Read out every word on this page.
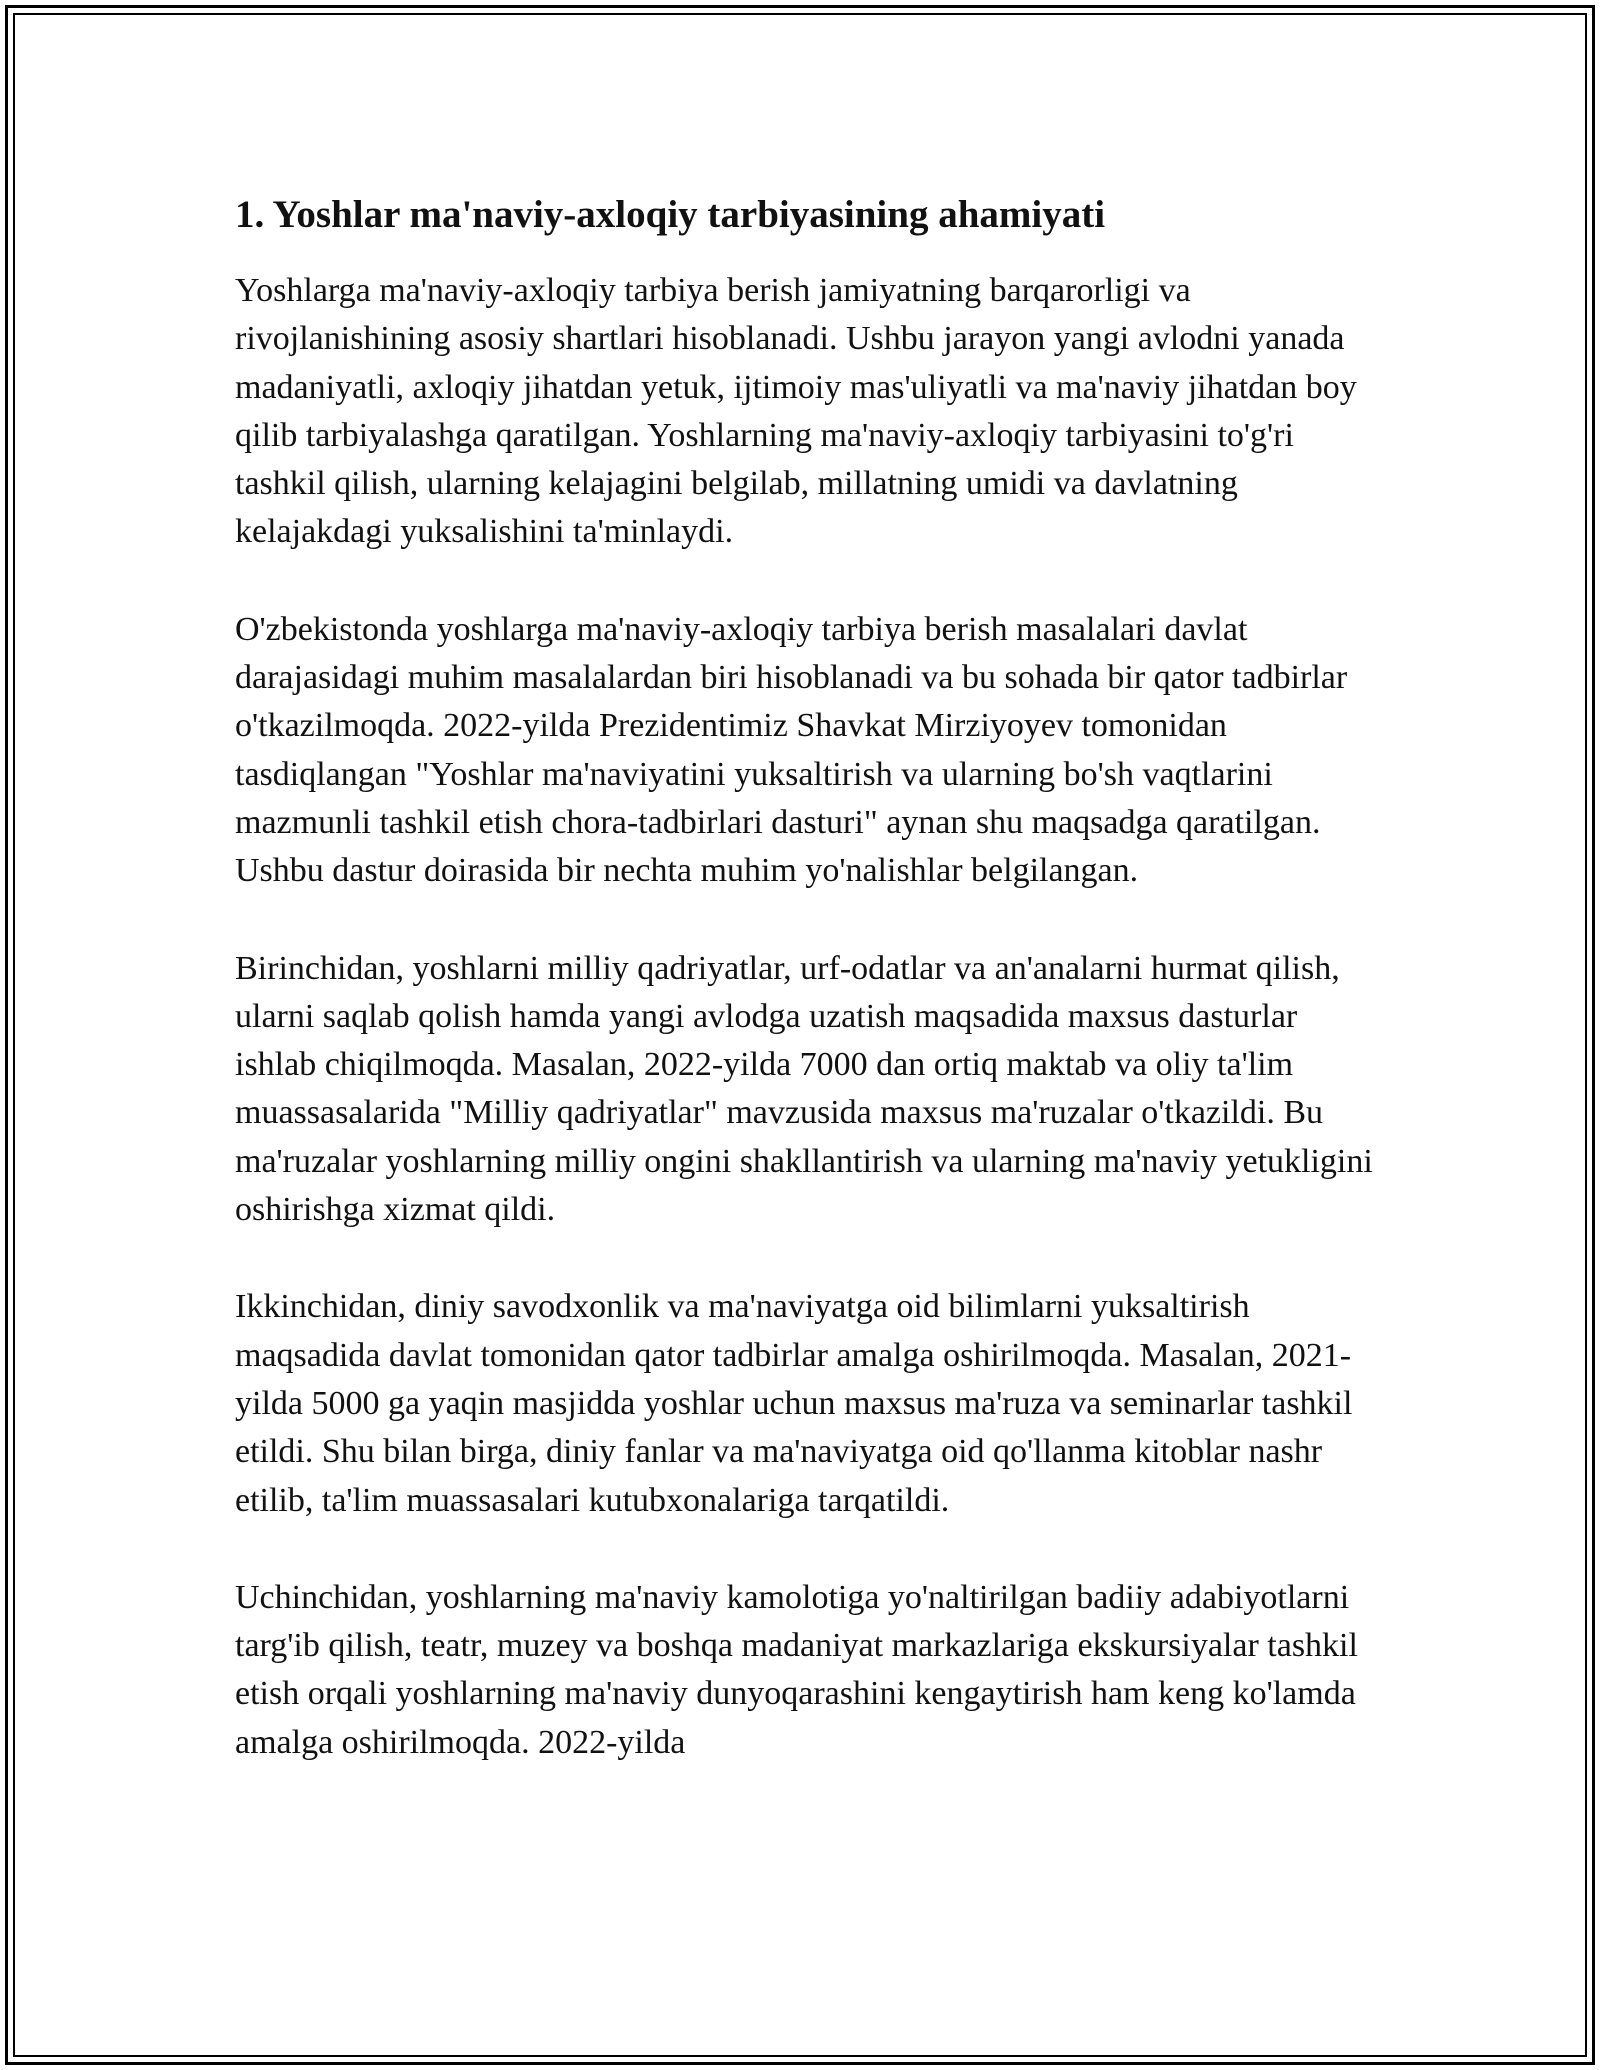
1. Yoshlar ma'naviy-axloqiy tarbiyasining ahamiyati

Yoshlarga ma'naviy-axloqiy tarbiya berish jamiyatning barqarorligi va rivojlanishining asosiy shartlari hisoblanadi. Ushbu jarayon yangi avlodni yanada madaniyatli, axloqiy jihatdan yetuk, ijtimoiy mas'uliyatli va ma'naviy jihatdan boy qilib tarbiyalashga qaratilgan. Yoshlarning ma'naviy-axloqiy tarbiyasini to'g'ri tashkil qilish, ularning kelajagini belgilab, millatning umidi va davlatning kelajakdagi yuksalishini ta'minlaydi.

O'zbekistonda yoshlarga ma'naviy-axloqiy tarbiya berish masalalari davlat darajasidagi muhim masalalardan biri hisoblanadi va bu sohada bir qator tadbirlar o'tkazilmoqda. 2022-yilda Prezidentimiz Shavkat Mirziyoyev tomonidan tasdiqlangan "Yoshlar ma'naviyatini yuksaltirish va ularning bo'sh vaqtlarini mazmunli tashkil etish chora-tadbirlari dasturi" aynan shu maqsadga qaratilgan. Ushbu dastur doirasida bir nechta muhim yo'nalishlar belgilangan.

Birinchidan, yoshlarni milliy qadriyatlar, urf-odatlar va an'analarni hurmat qilish, ularni saqlab qolish hamda yangi avlodga uzatish maqsadida maxsus dasturlar ishlab chiqilmoqda. Masalan, 2022-yilda 7000 dan ortiq maktab va oliy ta'lim muassasalarida "Milliy qadriyatlar" mavzusida maxsus ma'ruzalar o'tkazildi. Bu ma'ruzalar yoshlarning milliy ongini shakllantirish va ularning ma'naviy yetukligini oshirishga xizmat qildi.

Ikkinchidan, diniy savodxonlik va ma'naviyatga oid bilimlarni yuksaltirish maqsadida davlat tomonidan qator tadbirlar amalga oshirilmoqda. Masalan, 2021-yilda 5000 ga yaqin masjidda yoshlar uchun maxsus ma'ruza va seminarlar tashkil etildi. Shu bilan birga, diniy fanlar va ma'naviyatga oid qo'llanma kitoblar nashr etilib, ta'lim muassasalari kutubxonalariga tarqatildi.

Uchinchidan, yoshlarning ma'naviy kamolotiga yo'naltirilgan badiiy adabiyotlarni targ'ib qilish, teatr, muzey va boshqa madaniyat markazlariga ekskursiyalar tashkil etish orqali yoshlarning ma'naviy dunyoqarashini kengaytirish ham keng ko'lamda amalga oshirilmoqda. 2022-yilda
